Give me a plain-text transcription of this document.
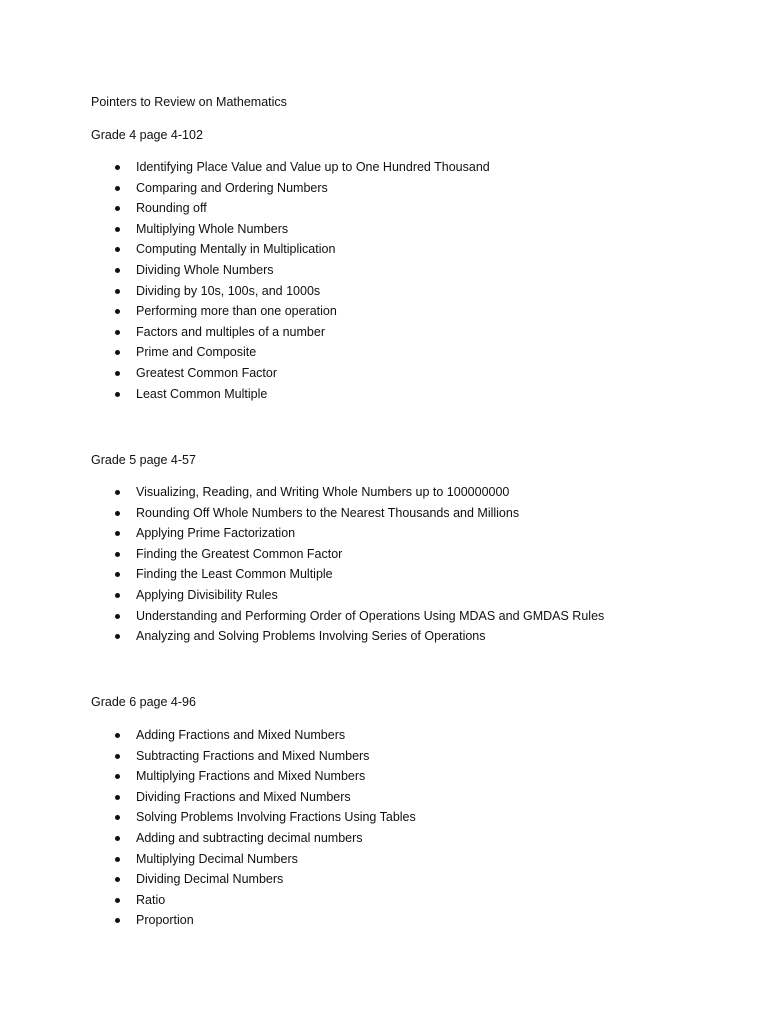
Pointers to Review on Mathematics
Grade 4 page 4-102
Identifying Place Value and Value up to One Hundred Thousand
Comparing and Ordering Numbers
Rounding off
Multiplying Whole Numbers
Computing Mentally in Multiplication
Dividing Whole Numbers
Dividing by 10s, 100s, and 1000s
Performing more than one operation
Factors and multiples of a number
Prime and Composite
Greatest Common Factor
Least Common Multiple
Grade 5 page 4-57
Visualizing, Reading, and Writing Whole Numbers up to 100000000
Rounding Off Whole Numbers to the Nearest Thousands and Millions
Applying Prime Factorization
Finding the Greatest Common Factor
Finding the Least Common Multiple
Applying Divisibility Rules
Understanding and Performing Order of Operations Using MDAS and GMDAS Rules
Analyzing and Solving Problems Involving Series of Operations
Grade 6 page 4-96
Adding Fractions and Mixed Numbers
Subtracting Fractions and Mixed Numbers
Multiplying Fractions and Mixed Numbers
Dividing Fractions and Mixed Numbers
Solving Problems Involving Fractions Using Tables
Adding and subtracting decimal numbers
Multiplying Decimal Numbers
Dividing Decimal Numbers
Ratio
Proportion
